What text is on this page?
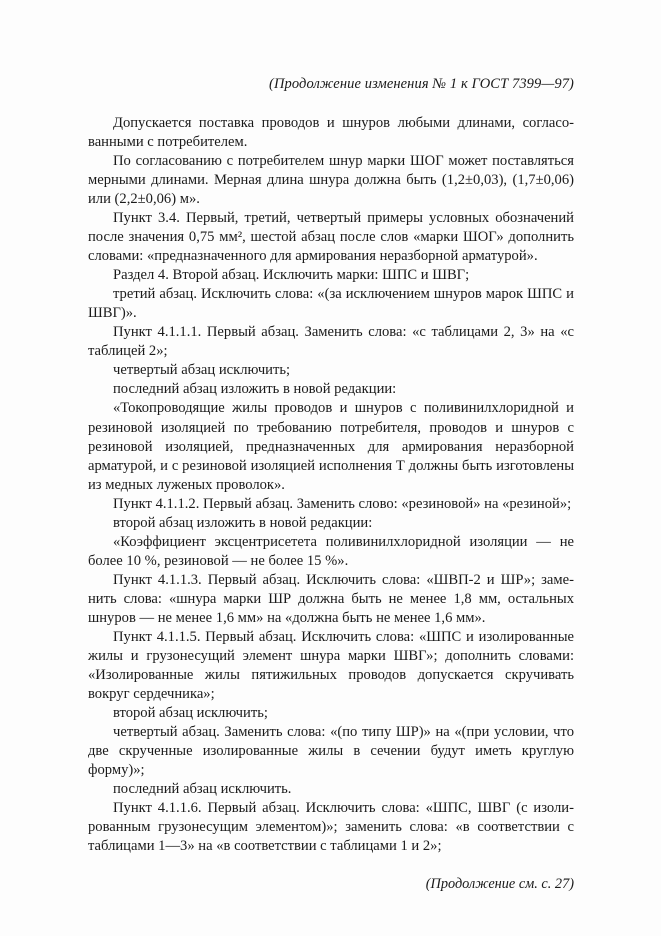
(Продолжение изменения № 1 к ГОСТ 7399—97)

Допускается поставка проводов и шнуров любыми длинами, согласованными с потребителем.

По согласованию с потребителем шнур марки ШОГ может поставляться мерными длинами. Мерная длина шнура должна быть (1,2±0,03), (1,7±0,06) или (2,2±0,06) м».

Пункт 3.4. Первый, третий, четвертый примеры условных обозначений после значения 0,75 мм², шестой абзац после слов «марки ШОГ» дополнить словами: «предназначенного для армирования неразборной арматурой».

Раздел 4. Второй абзац. Исключить марки: ШПС и ШВГ;

третий абзац. Исключить слова: «(за исключением шнуров марок ШПС и ШВГ)».

Пункт 4.1.1.1. Первый абзац. Заменить слова: «с таблицами 2, 3» на «с таблицей 2»;

четвертый абзац исключить;

последний абзац изложить в новой редакции:

«Токопроводящие жилы проводов и шнуров с поливинилхлоридной и резиновой изоляцией по требованию потребителя, проводов и шнуров с резиновой изоляцией, предназначенных для армирования неразборной арматурой, и с резиновой изоляцией исполнения Т должны быть изготовлены из медных луженых проволок».

Пункт 4.1.1.2. Первый абзац. Заменить слово: «резиновой» на «резиной»;

второй абзац изложить в новой редакции:

«Коэффициент эксцентрисетета поливинилхлоридной изоляции — не более 10 %, резиновой — не более 15 %».

Пункт 4.1.1.3. Первый абзац. Исключить слова: «ШВП-2 и ШР»; заменить слова: «шнура марки ШР должна быть не менее 1,8 мм, остальных шнуров — не менее 1,6 мм» на «должна быть не менее 1,6 мм».

Пункт 4.1.1.5. Первый абзац. Исключить слова: «ШПС и изолированные жилы и грузонесущий элемент шнура марки ШВГ»; дополнить словами: «Изолированные жилы пятижильных проводов допускается скручивать вокруг сердечника»;

второй абзац исключить;

четвертый абзац. Заменить слова: «(по типу ШР)» на «(при условии, что две скрученные изолированные жилы в сечении будут иметь круглую форму)»;

последний абзац исключить.

Пункт 4.1.1.6. Первый абзац. Исключить слова: «ШПС, ШВГ (с изолированным грузонесущим элементом)»; заменить слова: «в соответствии с таблицами 1—3» на «в соответствии с таблицами 1 и 2»;

(Продолжение см. с. 27)
